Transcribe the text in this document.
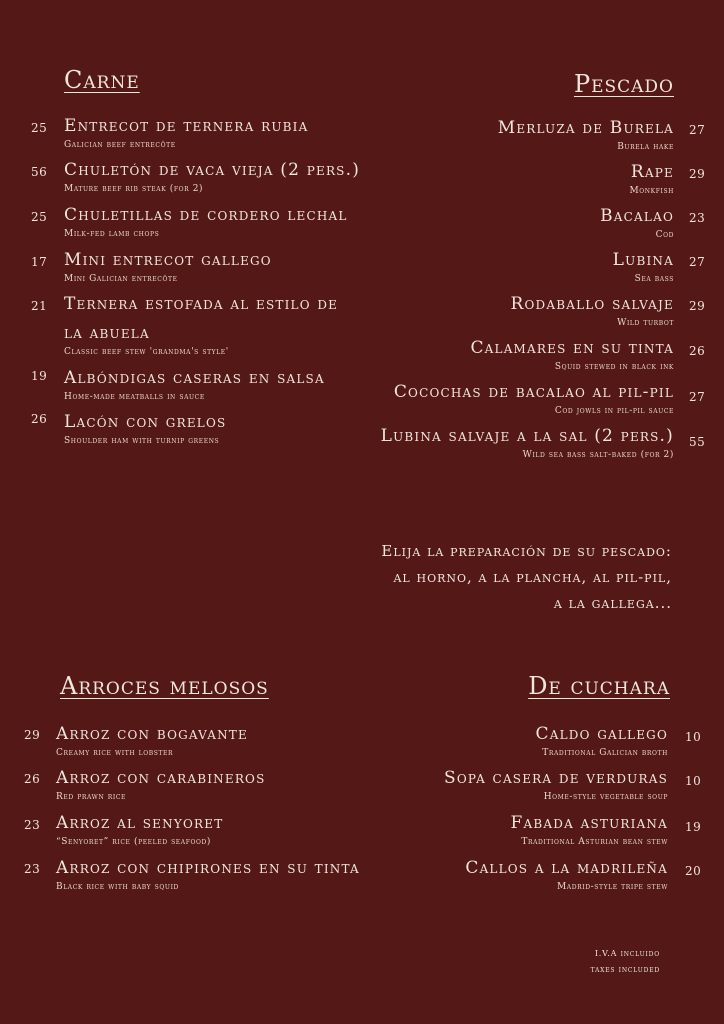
Carne
25 Entrecot de ternera rubia
Galician beef entrecôte
56 Chuletón de vaca vieja (2 pers.)
Mature beef rib steak (for 2)
25 Chuletillas de cordero lechal
Milk-fed lamb chops
17 Mini entrecot gallego
Mini Galician entrecôte
21 Ternera estofada al estilo de
la abuela
Classic beef stew 'grandma's style'
19 Albóndigas caseras en salsa
Home-made meatballs in sauce
26 Lacón con grelos
Shoulder ham with turnip greens
Pescado
Merluza de Burela
Burela hake
27
Rape
Monkfish
29
Bacalao
Cod
23
Lubina
Sea bass
27
Rodaballo salvaje
Wild turbot
29
Calamares en su tinta
Squid stewed in black ink
26
Cocochas de bacalao al pil-pil
Cod jowls in pil-pil sauce
27
Lubina salvaje a la sal (2 pers.)
Wild sea bass salt-baked (for 2)
55
Elija la preparación de su pescado:
al horno, a la plancha, al pil-pil,
a la gallega...
Arroces melosos
29 Arroz con bogavante
Creamy rice with lobster
26 Arroz con carabineros
Red prawn rice
23 Arroz al senyoret
“Senyoret” rice (peeled seafood)
23 Arroz con chipirones en su tinta
Black rice with baby squid
De cuchara
Caldo gallego
Traditional Galician broth
10
Sopa casera de verduras
Home-style vegetable soup
10
Fabada asturiana
Traditional Asturian bean stew
19
Callos a la madrileña
Madrid-style tripe stew
20
I.V.A incluido
taxes included
